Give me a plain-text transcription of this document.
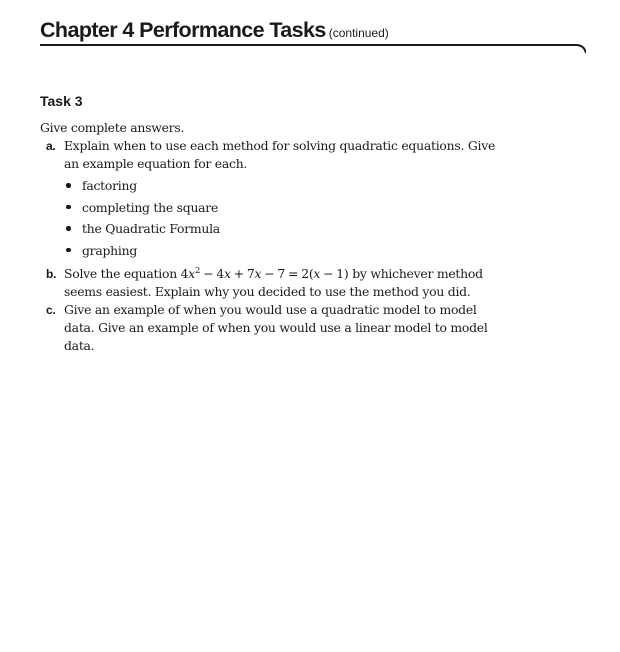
Chapter 4 Performance Tasks (continued)
Task 3

Give complete answers.

a. Explain when to use each method for solving quadratic equations. Give an example equation for each.
factoring
completing the square
the Quadratic Formula
graphing
b. Solve the equation $4x^2 - 4x + 7x - 7 = 2(x - 1)$ by whichever method seems easiest. Explain why you decided to use the method you did.
c. Give an example of when you would use a quadratic model to model data. Give an example of when you would use a linear model to model data.
